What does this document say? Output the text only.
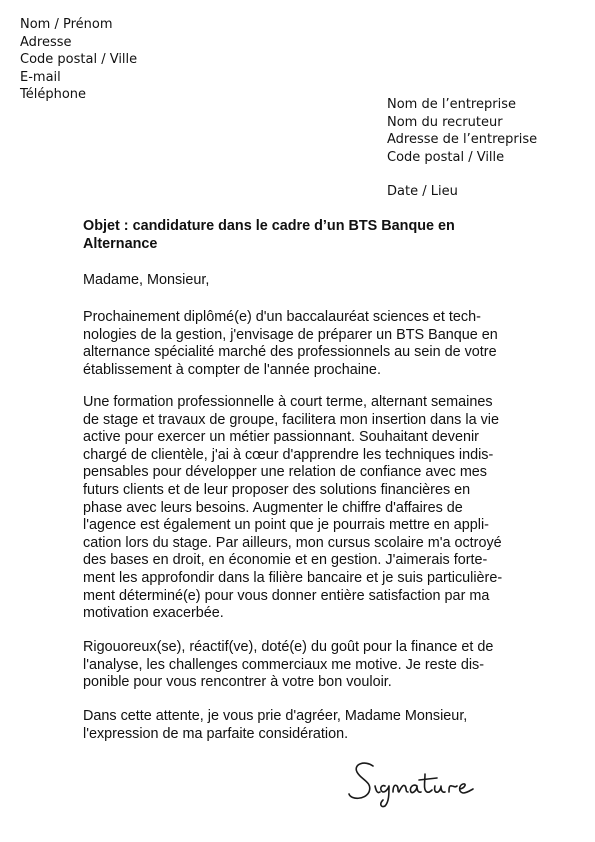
Nom / Prénom
Adresse
Code postal / Ville
E-mail
Téléphone
Nom de l’entreprise
Nom du recruteur
Adresse de l’entreprise
Code postal / Ville
Date / Lieu
Objet : candidature dans le cadre d’un BTS Banque en
Alternance
Madame, Monsieur,
Prochainement diplômé(e) d'un baccalauréat sciences et tech-
nologies de la gestion, j'envisage de préparer un BTS Banque en
alternance spécialité marché des professionnels au sein de votre
établissement à compter de l'année prochaine.
Une formation professionnelle à court terme, alternant semaines
de stage et travaux de groupe, facilitera mon insertion dans la vie
active pour exercer un métier passionnant. Souhaitant devenir
chargé de clientèle, j'ai à cœur d'apprendre les techniques indis-
pensables pour développer une relation de confiance avec mes
futurs clients et de leur proposer des solutions financières en
phase avec leurs besoins. Augmenter le chiffre d'affaires de
l'agence est également un point que je pourrais mettre en appli-
cation lors du stage. Par ailleurs, mon cursus scolaire m'a octroyé
des bases en droit, en économie et en gestion. J'aimerais forte-
ment les approfondir dans la filière bancaire et je suis particulière-
ment déterminé(e) pour vous donner entière satisfaction par ma
motivation exacerbée.
Rigouoreux(se), réactif(ve), doté(e) du goût pour la finance et de
l'analyse, les challenges commerciaux me motive. Je reste dis-
ponible pour vous rencontrer à votre bon vouloir.
Dans cette attente, je vous prie d'agréer, Madame Monsieur,
l'expression de ma parfaite considération.
